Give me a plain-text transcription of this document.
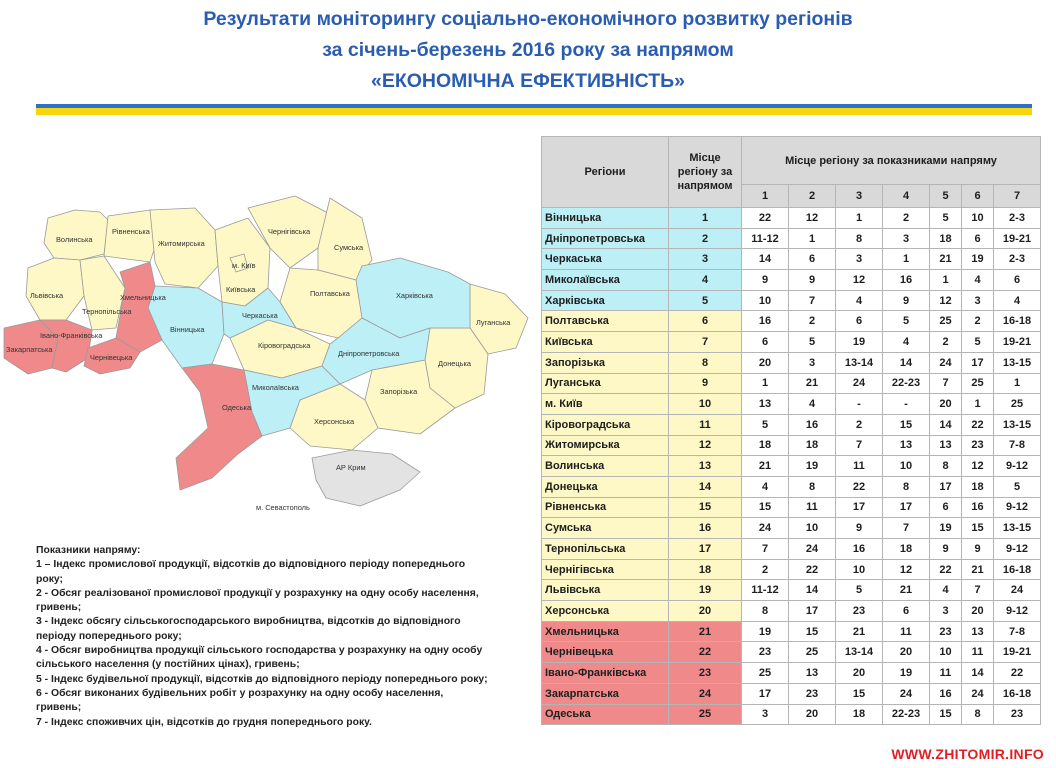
Результати моніторингу соціально-економічного розвитку регіонів
за січень-березень 2016 року за напрямом
«ЕКОНОМІЧНА ЕФЕКТИВНІСТЬ»
Волинська
Рівненська
Житомирська
Чернігівська
Сумська
м. Київ
Київська	Полтавська	Харківська
Луганська
Львівська
Тернопільська
Хмельницька
Івано-Франківська
Закарпатська
Чернівецька
Вінницька
Черкаська
Кіровоградська
Дніпропетровська
Донецька
Миколаївська	Запорізька
Одеська
Херсонська
АР Крим
м. Севастополь
Показники напряму:
1 – Індекс промислової продукції, відсотків до відповідного періоду попереднього року;
2 - Обсяг реалізованої промислової продукції у розрахунку на одну особу населення, гривень;
3 - Індекс обсягу сільськогосподарського виробництва, відсотків до відповідного періоду попереднього року;
4 - Обсяг виробництва продукції сільського господарства у розрахунку на одну особу сільського населення (у постійних цінах), гривень;
5 - Індекс будівельної продукції, відсотків до відповідного періоду попереднього року;
6 - Обсяг виконаних будівельних робіт у розрахунку на одну особу населення, гривень;
7 - Індекс споживчих цін, відсотків до грудня попереднього року.
Регіони	Місце регіону за напрямом	Місце регіону за показниками напряму						
		1	2	3	4	5	6	7
Вінницька	1	22	12	1	2	5	10	2-3
Дніпропетровська	2	11-12	1	8	3	18	6	19-21
Черкаська	3	14	6	3	1	21	19	2-3
Миколаївська	4	9	9	12	16	1	4	6
Харківська	5	10	7	4	9	12	3	4
Полтавська	6	16	2	6	5	25	2	16-18
Київська	7	6	5	19	4	2	5	19-21
Запорізька	8	20	3	13-14	14	24	17	13-15
Луганська	9	1	21	24	22-23	7	25	1
м. Київ	10	13	4	-	-	20	1	25
Кіровоградська	11	5	16	2	15	14	22	13-15
Житомирська	12	18	18	7	13	13	23	7-8
Волинська	13	21	19	11	10	8	12	9-12
Донецька	14	4	8	22	8	17	18	5
Рівненська	15	15	11	17	17	6	16	9-12
Сумська	16	24	10	9	7	19	15	13-15
Тернопільська	17	7	24	16	18	9	9	9-12
Чернігівська	18	2	22	10	12	22	21	16-18
Львівська	19	11-12	14	5	21	4	7	24
Херсонська	20	8	17	23	6	3	20	9-12
Хмельницька	21	19	15	21	11	23	13	7-8
Чернівецька	22	23	25	13-14	20	10	11	19-21
Івано-Франківська	23	25	13	20	19	11	14	22
Закарпатська	24	17	23	15	24	16	24	16-18
Одеська	25	3	20	18	22-23	15	8	23
WWW.ZHITOMIR.INFO
